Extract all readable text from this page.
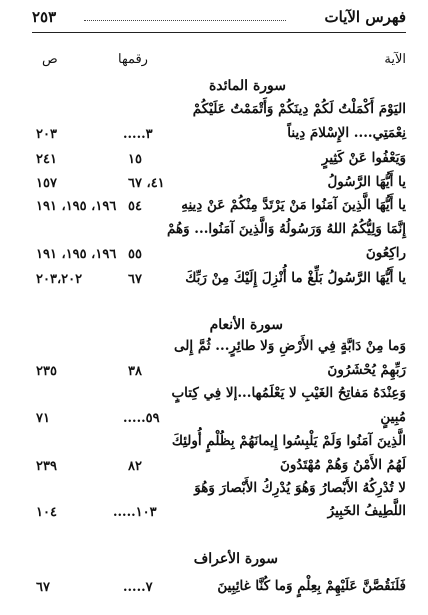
فهرس الآيات
٢٥٣
الآية
رقمها
ص
سورة المائدة
اليَوْمَ أَكْمَلْتُ لَكُمْ دِينَكُمْ وَأَتْمَمْتُ عَلَيْكُمْ
نِعْمَتِي.... الإِسْلامَ دِيناً
٣.....
٢٠٣
وَيَعْفُوا عَنْ كَثِيرٍ
١٥
٢٤١
يا أَيُّهَا الرَّسُولُ
٤١، ٦٧
١٥٧
يا أَيُّهَا الَّذِينَ آمَنُوا مَنْ يَرْتَدَّ مِنْكُمْ عَنْ دِينِهِ
٥٤
١٩٦، ١٩٥، ١٩١
إِنَّمَا وَلِيُّكُمُ اللهُ وَرَسُولُهُ وَالَّذِينَ آمَنُوا... وَهُمْ
راكِعُونَ
٥٥
١٩٦، ١٩٥، ١٩١
يا أَيُّهَا الرَّسُولُ بَلِّغْ ما أُنْزِلَ إِلَيْكَ مِنْ رَبِّكَ
٦٧
٢٠٣،٢٠٢
سورة الأنعام
وَما مِنْ دَابَّةٍ فِي الأَرْضِ وَلا طائِرٍ... ثُمَّ إِلى
رَبِّهِمْ يُحْشَرُونَ
٣٨
٢٣٥
وَعِنْدَهُ مَفاتِحُ الغَيْبِ لا يَعْلَمُها...إلا فِي كِتابٍ
مُبِينٍ
٥٩.....
٧١
الَّذِينَ آمَنُوا وَلَمْ يَلْبِسُوا إِيمانَهُمْ بِظُلْمٍ أُولئِكَ
لَهُمُ الأَمْنُ وَهُمْ مُهْتَدُونَ
٨٢
٢٣٩
لا تُدْرِكُهُ الأَبْصارُ وَهُوَ يُدْرِكُ الأَبْصارَ وَهُوَ
اللَّطِيفُ الخَبِيرُ
١٠٣.....
١٠٤
سورة الأعراف
فَلَنَقُصَّنَّ عَلَيْهِمْ بِعِلْمٍ وَما كُنَّا غائِبِينَ
٧.....
٦٧
